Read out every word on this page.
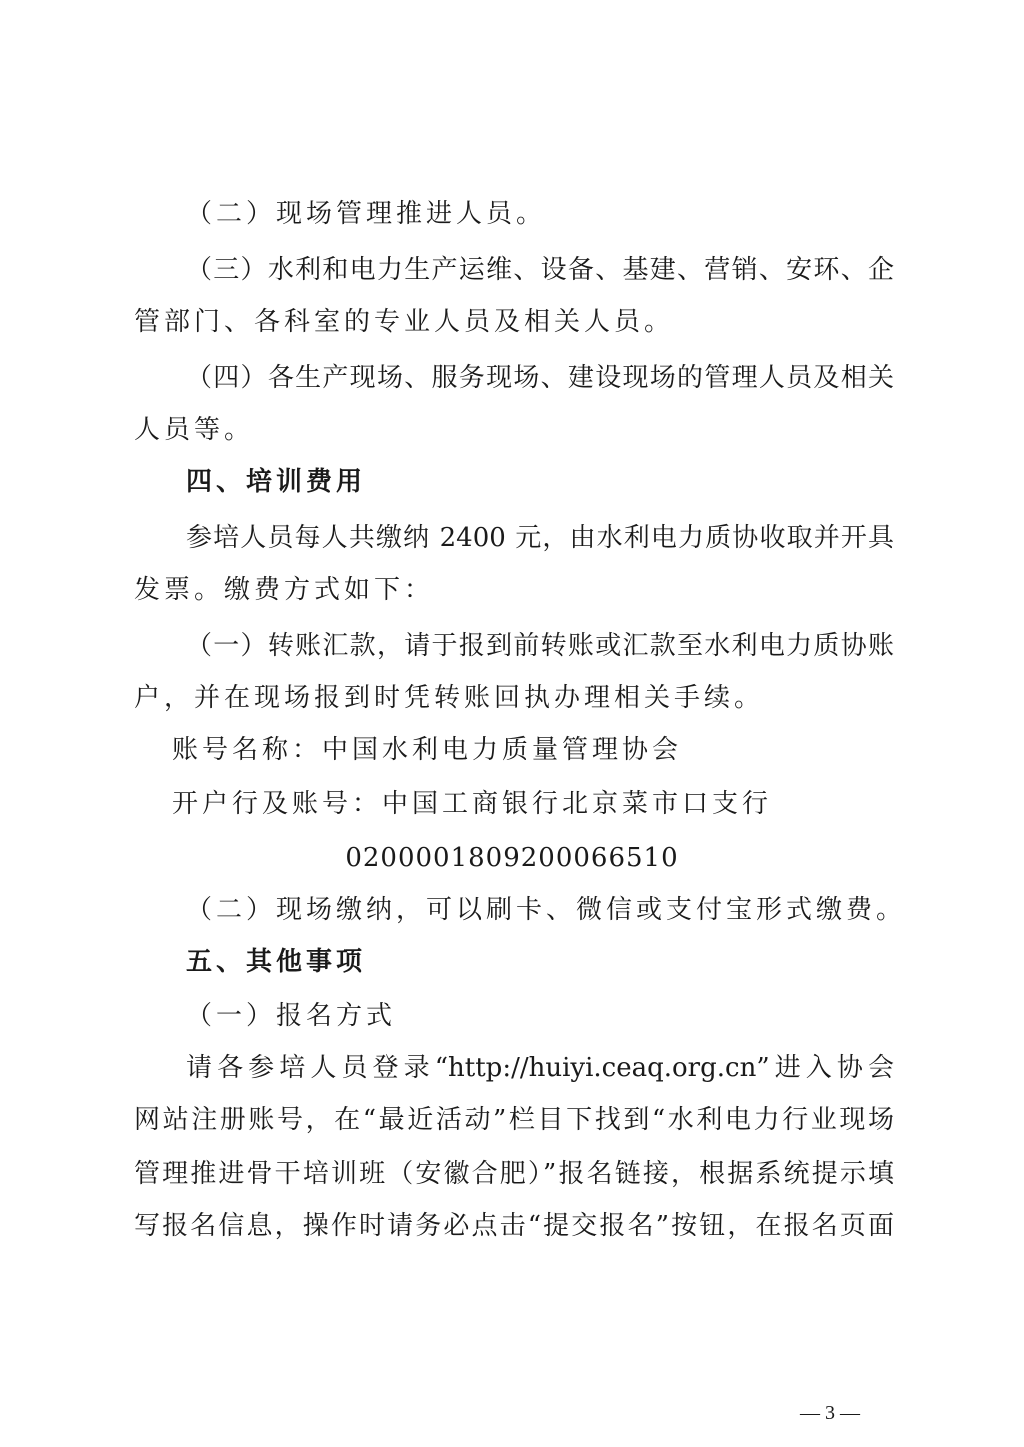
（二）现场管理推进人员。
（三）水利和电力生产运维、设备、基建、营销、安环、企
管部门、各科室的专业人员及相关人员。
（四）各生产现场、服务现场、建设现场的管理人员及相关
人员等。
四、培训费用
参培人员每人共缴纳 2400 元，由水利电力质协收取并开具
发票。缴费方式如下：
（一）转账汇款，请于报到前转账或汇款至水利电力质协账
户，并在现场报到时凭转账回执办理相关手续。
账号名称：中国水利电力质量管理协会
开户行及账号：中国工商银行北京菜市口支行
0200001809200066510
（二）现场缴纳，可以刷卡、微信或支付宝形式缴费。
五、其他事项
（一）报名方式
请各参培人员登录“http://huiyi.ceaq.org.cn”进入协会
网站注册账号，在“最近活动”栏目下找到“水利电力行业现场
管理推进骨干培训班（安徽合肥）”报名链接，根据系统提示填
写报名信息，操作时请务必点击“提交报名”按钮，在报名页面
— 3 —
